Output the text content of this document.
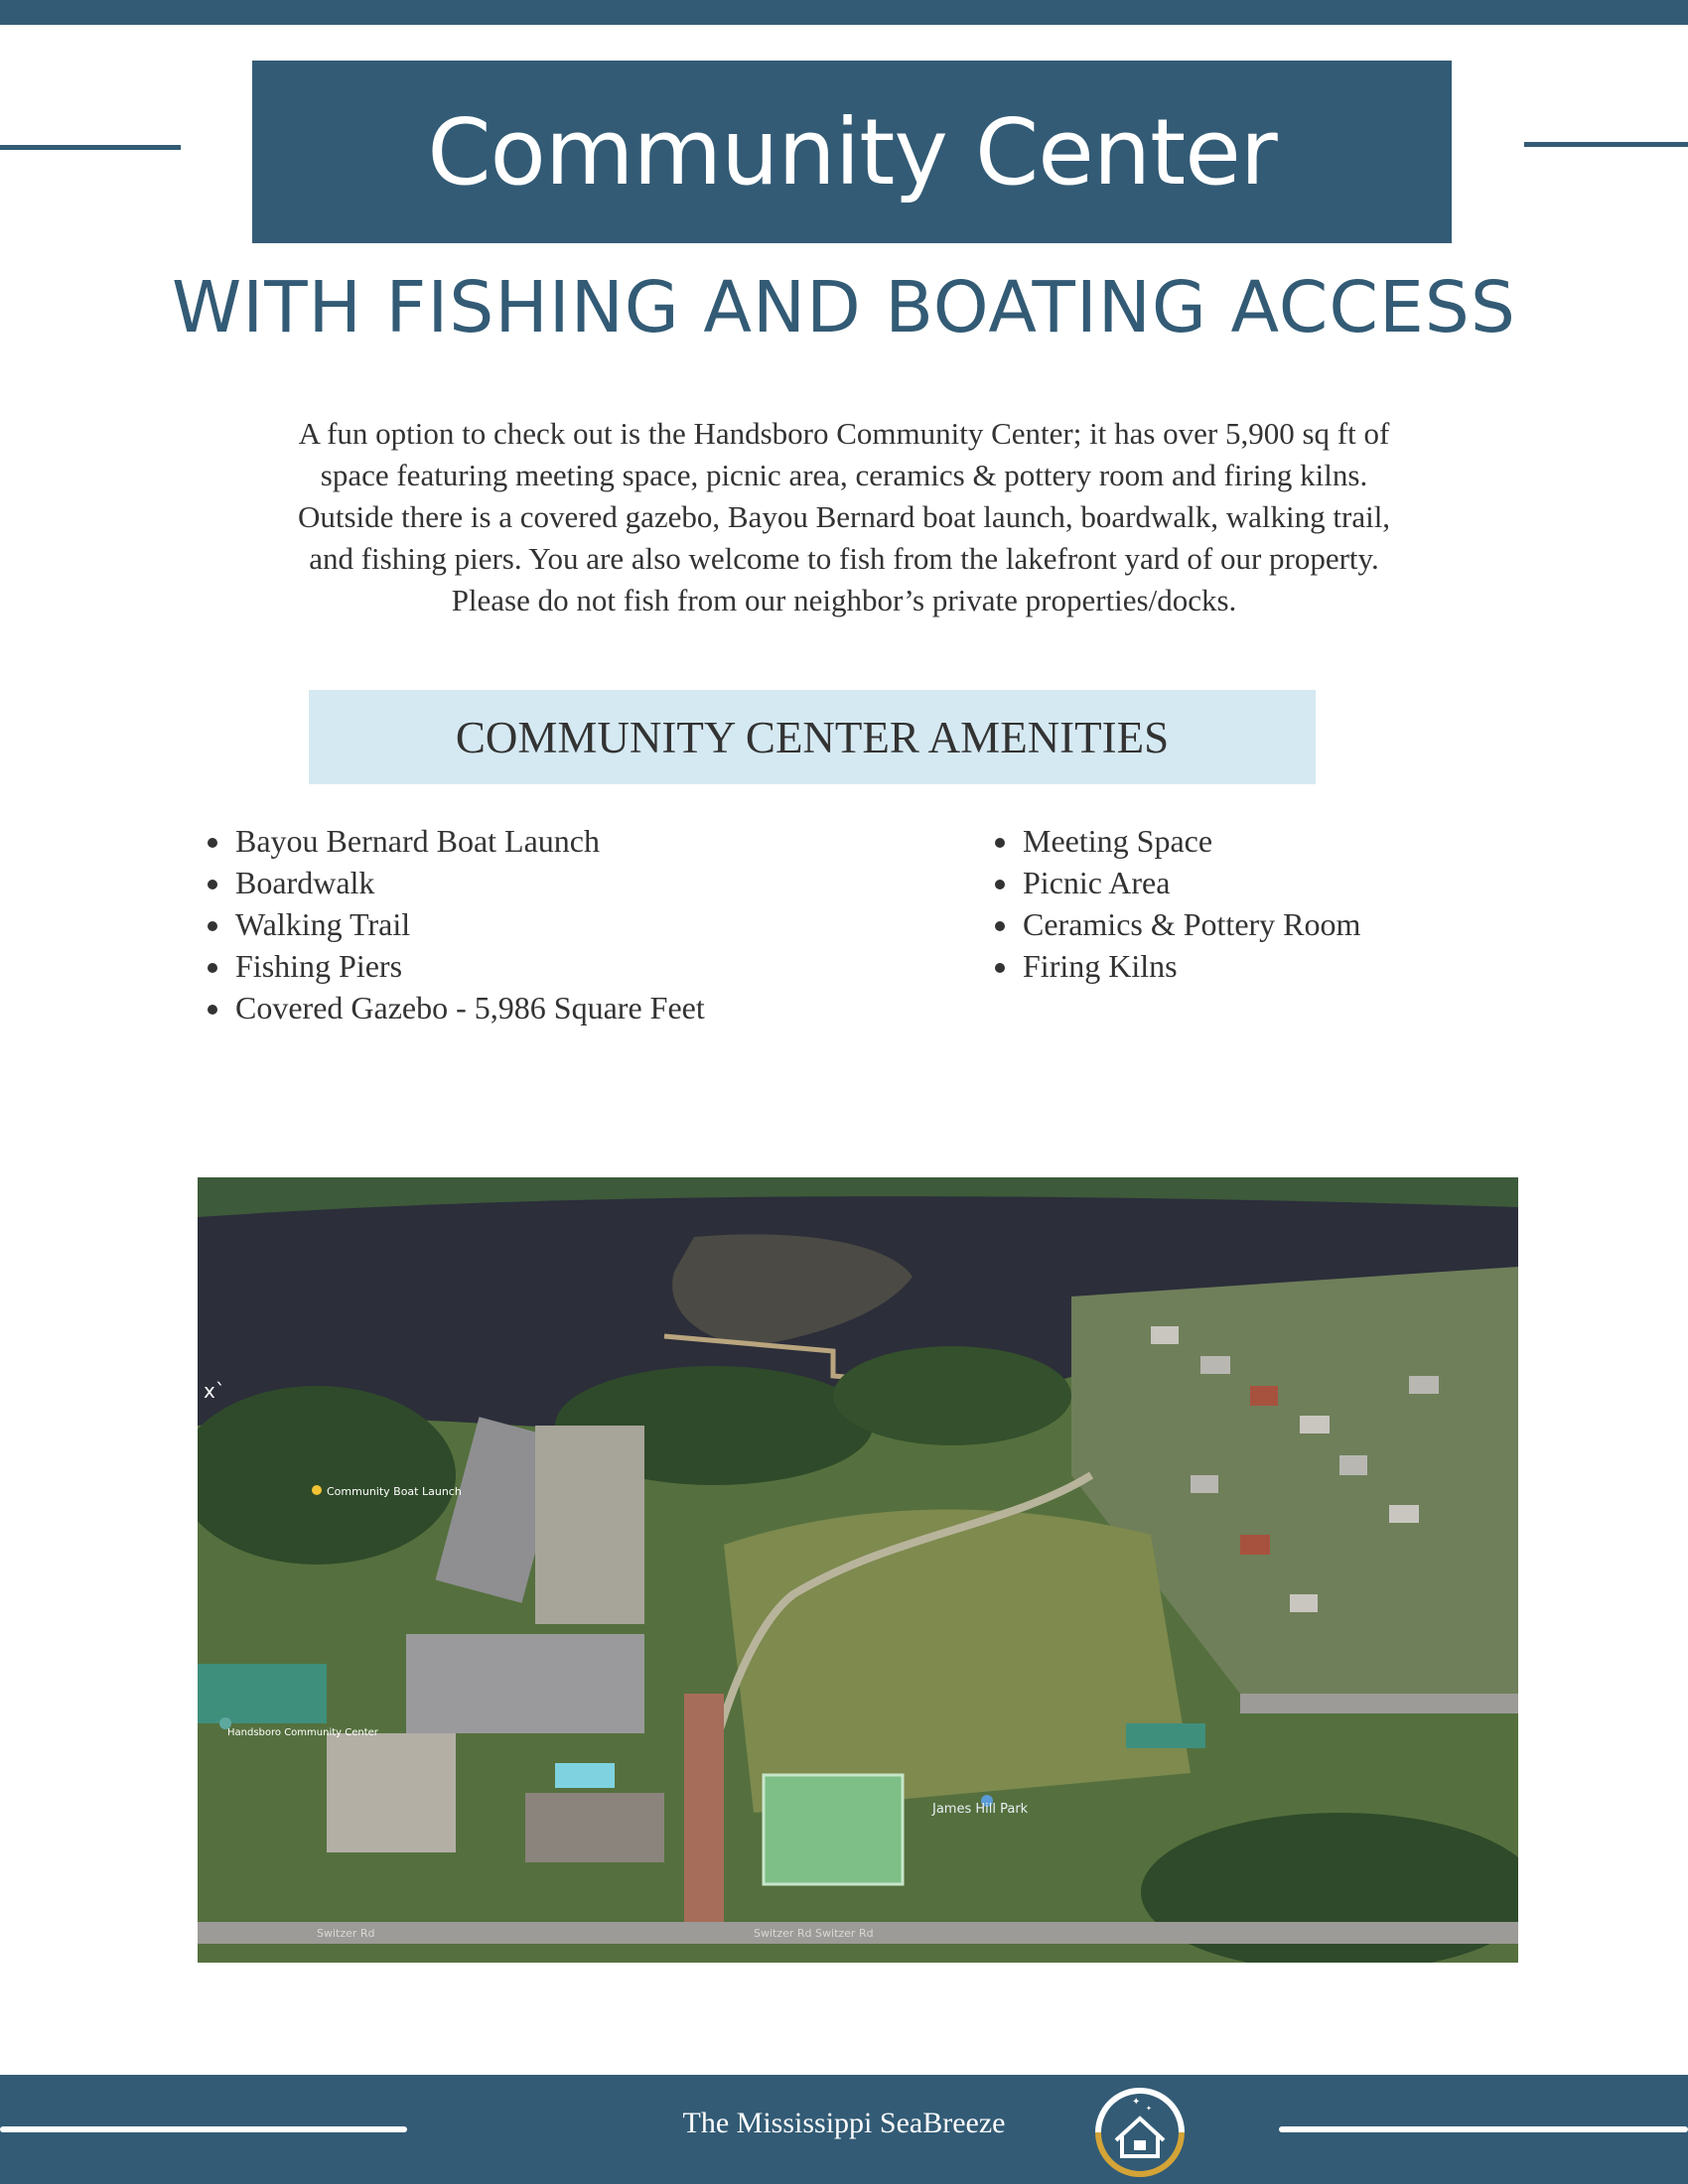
Community Center
WITH FISHING AND BOATING ACCESS
A fun option to check out is the Handsboro Community Center; it has over 5,900 sq ft of
space featuring meeting space, picnic area, ceramics & pottery room and firing kilns.
Outside there is a covered gazebo, Bayou Bernard boat launch, boardwalk, walking trail,
and fishing piers. You are also welcome to fish from the lakefront yard of our property.
Please do not fish from our neighbor’s private properties/docks.
COMMUNITY CENTER AMENITIES
• Bayou Bernard Boat Launch
• Boardwalk
• Walking Trail
• Fishing Piers
• Covered Gazebo - 5,986 Square Feet
• Meeting Space
• Picnic Area
• Ceramics & Pottery Room
• Firing Kilns
Community Boat Launch
Handsboro Community Center
James Hill Park
Switzer Rd	Switzer Rd Switzer Rd
x`
The Mississippi SeaBreeze
✦
✦
